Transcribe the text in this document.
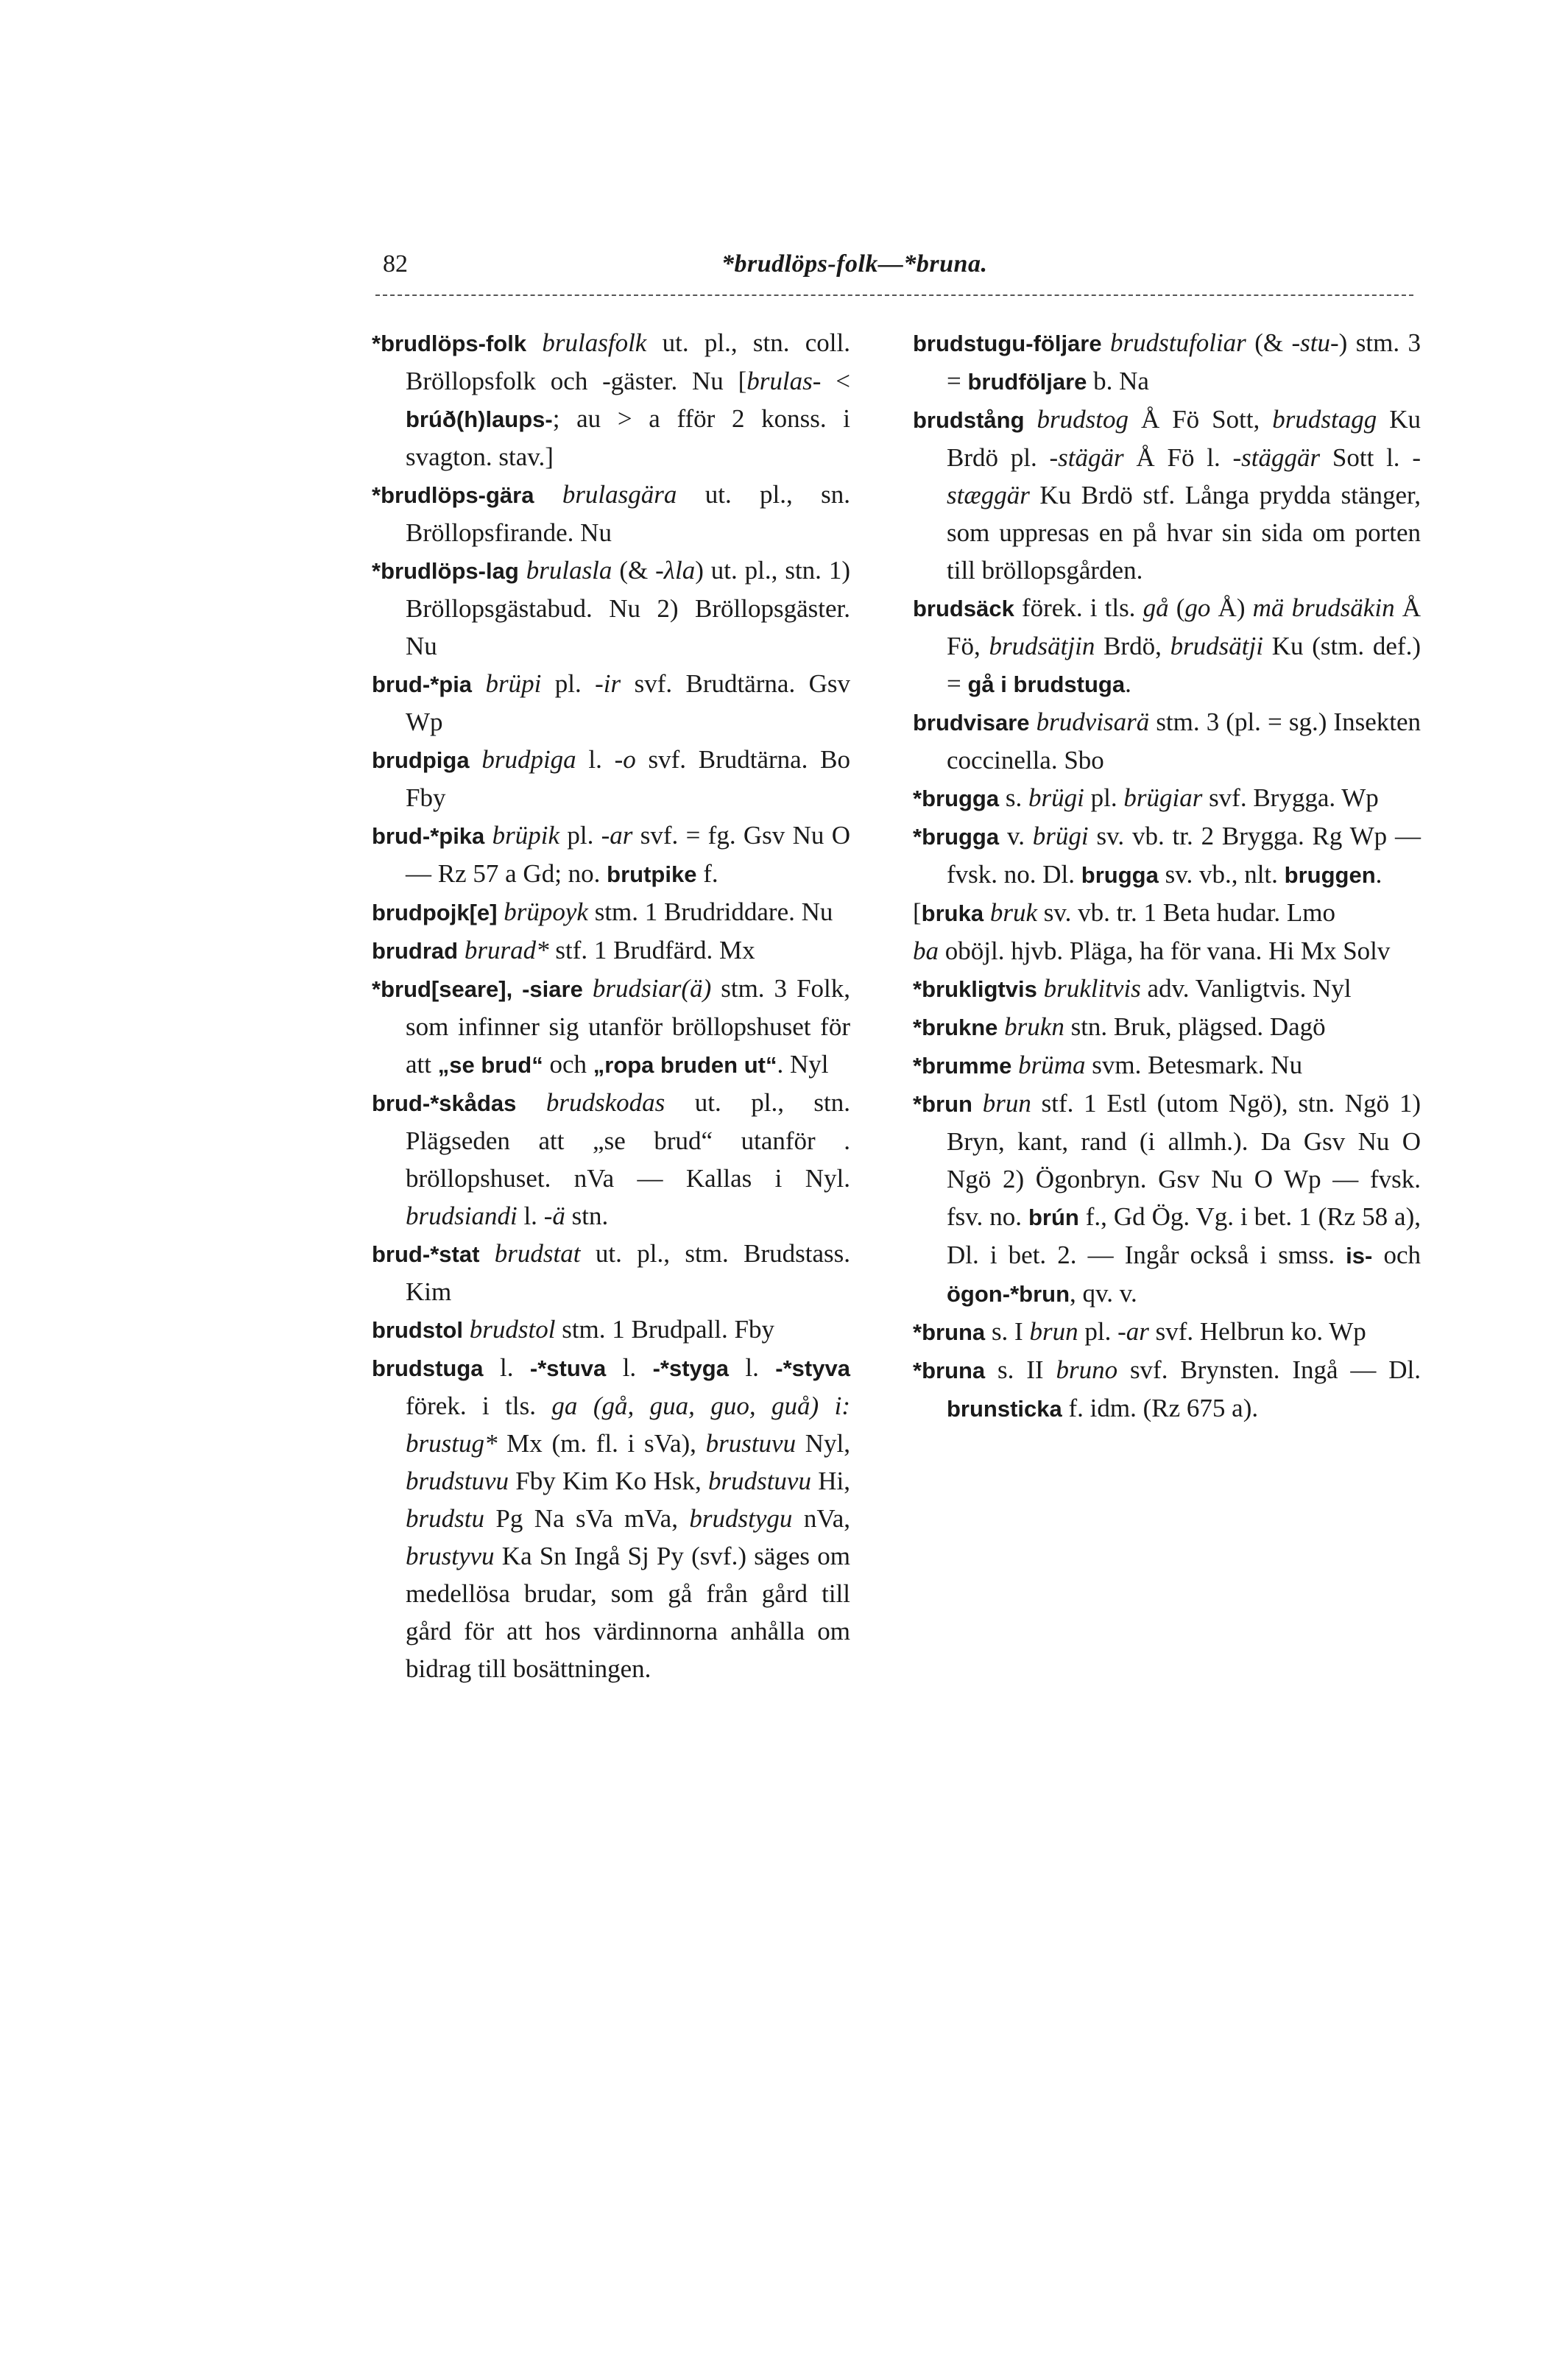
82	*brudlöps-folk—*bruna.

*brudlöps-folk brulasfolk ut. pl., stn. coll. Bröllopsfolk och -gäster. Nu [brulas- < brúð(h)laups-; au > a fför 2 konss. i svagton. stav.]

*brudlöps-gära brulasgära ut. pl., sn. Bröllopsfirande. Nu

*brudlöps-lag brulasla (& -λla) ut. pl., stn. 1) Bröllopsgästabud. Nu 2) Bröllopsgäster. Nu

brud-*pia brüpi pl. -ir svf. Brudtärna. Gsv Wp

brudpiga brudpiga l. -o svf. Brudtärna. Bo Fby

brud-*pika brüpik pl. -ar svf. = fg. Gsv Nu O — Rz 57 a Gd; no. brutpike f.

brudpojk[e] brüpoyk stm. 1 Brudriddare. Nu

brudrad brurad* stf. 1 Brudfärd. Mx

*brud[seare], -siare brudsiar(ä) stm. 3 Folk, som infinner sig utanför bröllopshuset för att „se brud“ och „ropa bruden ut“. Nyl

brud-*skådas brudskodas ut. pl., stn. Plägseden att „se brud“ utanför . bröllopshuset. nVa — Kallas i Nyl. brudsiandi l. -ä stn.

brud-*stat brudstat ut. pl., stm. Brudstass. Kim

brudstol brudstol stm. 1 Brudpall. Fby

brudstuga l. -*stuva l. -*styga l. -*styva förek. i tls. ga (gå, gua, guo, guå) i: brustug* Mx (m. fl. i sVa), brustuvu Nyl, brudstuvu Fby Kim Ko Hsk, brudstuvu Hi, brudstu Pg Na sVa mVa, brudstygu nVa, brustyvu Ka Sn Ingå Sj Py (svf.) säges om medellösa brudar, som gå från gård till gård för att hos värdinnorna anhålla om bidrag till bosättningen.

brudstugu-följare brudstufoliar (& -stu-) stm. 3 = brudföljare b. Na

brudstång brudstog Å Fö Sott, brudstagg Ku Brdö pl. -stägär Å Fö l. -stäggär Sott l. -stæggär Ku Brdö stf. Långa prydda stänger, som uppresas en på hvar sin sida om porten till bröllopsgården.

brudsäck förek. i tls. gå (go Å) mä brudsäkin Å Fö, brudsätjin Brdö, brudsätji Ku (stm. def.) = gå i brudstuga.

brudvisare brudvisarä stm. 3 (pl. = sg.) Insekten coccinella. Sbo

*brugga s. brügi pl. brügiar svf. Brygga. Wp

*brugga v. brügi sv. vb. tr. 2 Brygga. Rg Wp — fvsk. no. Dl. brugga sv. vb., nlt. bruggen.

[bruka bruk sv. vb. tr. 1 Beta hudar. Lmo

ba oböjl. hjvb. Pläga, ha för vana. Hi Mx Solv

*brukligtvis bruklitvis adv. Vanligtvis. Nyl

*brukne brukn stn. Bruk, plägsed. Dagö

*brumme brüma svm. Betesmark. Nu

*brun brun stf. 1 Estl (utom Ngö), stn. Ngö 1) Bryn, kant, rand (i allmh.). Da Gsv Nu O Ngö 2) Ögonbryn. Gsv Nu O Wp — fvsk. fsv. no. brún f., Gd Ög. Vg. i bet. 1 (Rz 58 a), Dl. i bet. 2. — Ingår också i smss. is- och ögon-*brun, qv. v.

*bruna s. I brun pl. -ar svf. Helbrun ko. Wp

*bruna s. II bruno svf. Brynsten. Ingå — Dl. brunsticka f. idm. (Rz 675 a).
